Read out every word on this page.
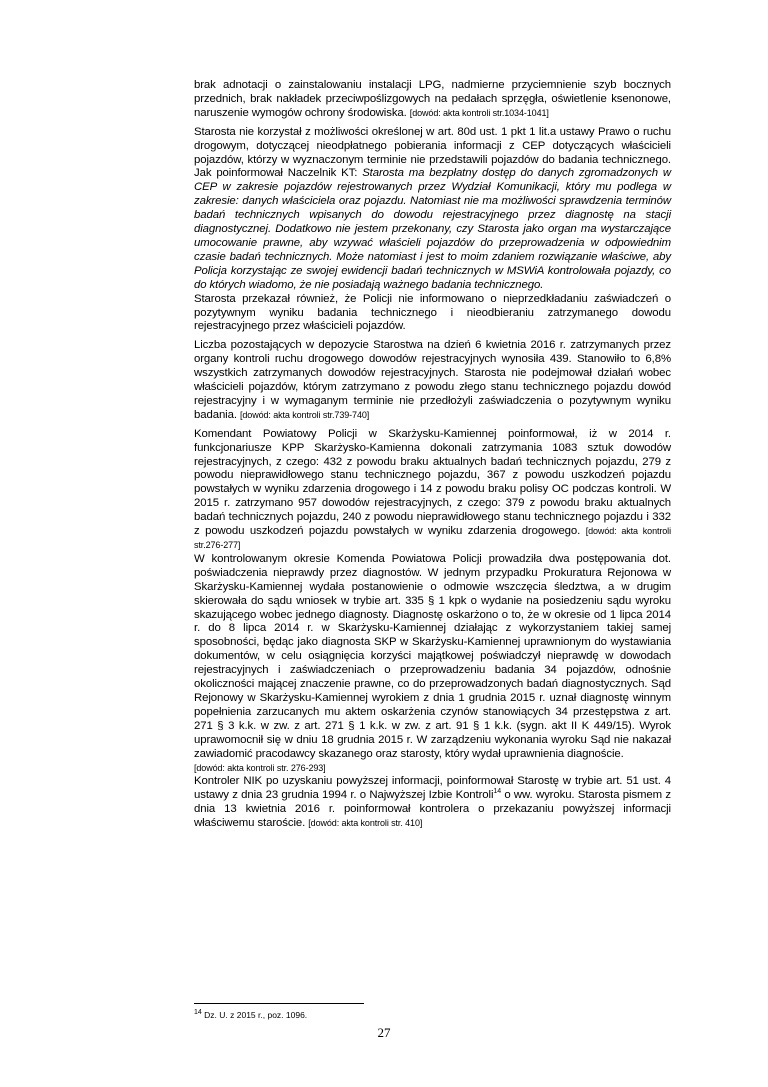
brak adnotacji o zainstalowaniu instalacji LPG, nadmierne przyciemnienie szyb bocznych przednich, brak nakładek przeciwpoślizgowych na pedałach sprzęgła, oświetlenie ksenonowe, naruszenie wymogów ochrony środowiska. [dowód: akta kontroli str.1034-1041]

Starosta nie korzystał z możliwości określonej w art. 80d ust. 1 pkt 1 lit.a ustawy Prawo o ruchu drogowym, dotyczącej nieodpłatnego pobierania informacji z CEP dotyczących właścicieli pojazdów, którzy w wyznaczonym terminie nie przedstawili pojazdów do badania technicznego. Jak poinformował Naczelnik KT: Starosta ma bezpłatny dostęp do danych zgromadzonych w CEP w zakresie pojazdów rejestrowanych przez Wydział Komunikacji, który mu podlega w zakresie: danych właściciela oraz pojazdu. Natomiast nie ma możliwości sprawdzenia terminów badań technicznych wpisanych do dowodu rejestracyjnego przez diagnostę na stacji diagnostycznej. Dodatkowo nie jestem przekonany, czy Starosta jako organ ma wystarczające umocowanie prawne, aby wzywać właścieli pojazdów do przeprowadzenia w odpowiednim czasie badań technicznych. Może natomiast i jest to moim zdaniem rozwiązanie właściwe, aby Policja korzystając ze swojej ewidencji badań technicznych w MSWiA kontrolowała pojazdy, co do których wiadomo, że nie posiadają ważnego badania technicznego.

Starosta przekazał również, że Policji nie informowano o nieprzedkładaniu zaświadczeń o pozytywnym wyniku badania technicznego i nieodbieraniu zatrzymanego dowodu rejestracyjnego przez właścicieli pojazdów.

Liczba pozostających w depozycie Starostwa na dzień 6 kwietnia 2016 r. zatrzymanych przez organy kontroli ruchu drogowego dowodów rejestracyjnych wynosiła 439. Stanowiło to 6,8% wszystkich zatrzymanych dowodów rejestracyjnych. Starosta nie podejmował działań wobec właścicieli pojazdów, którym zatrzymano z powodu złego stanu technicznego pojazdu dowód rejestracyjny i w wymaganym terminie nie przedłożyli zaświadczenia o pozytywnym wyniku badania. [dowód: akta kontroli str.739-740]

Komendant Powiatowy Policji w Skarżysku-Kamiennej poinformował, iż w 2014 r. funkcjonariusze KPP Skarżysko-Kamienna dokonali zatrzymania 1083 sztuk dowodów rejestracyjnych, z czego: 432 z powodu braku aktualnych badań technicznych pojazdu, 279 z powodu nieprawidłowego stanu technicznego pojazdu, 367 z powodu uszkodzeń pojazdu powstałych w wyniku zdarzenia drogowego i 14 z powodu braku polisy OC podczas kontroli. W 2015 r. zatrzymano 957 dowodów rejestracyjnych, z czego: 379 z powodu braku aktualnych badań technicznych pojazdu, 240 z powodu nieprawidłowego stanu technicznego pojazdu i 332 z powodu uszkodzeń pojazdu powstałych w wyniku zdarzenia drogowego. [dowód: akta kontroli str.276-277]

W kontrolowanym okresie Komenda Powiatowa Policji prowadziła dwa postępowania dot. poświadczenia nieprawdy przez diagnostów. W jednym przypadku Prokuratura Rejonowa w Skarżysku-Kamiennej wydała postanowienie o odmowie wszczęcia śledztwa, a w drugim skierowała do sądu wniosek w trybie art. 335 § 1 kpk o wydanie na posiedzeniu sądu wyroku skazującego wobec jednego diagnosty. Diagnostę oskarżono o to, że w okresie od 1 lipca 2014 r. do 8 lipca 2014 r. w Skarżysku-Kamiennej działając z wykorzystaniem takiej samej sposobności, będąc jako diagnosta SKP w Skarżysku-Kamiennej uprawnionym do wystawiania dokumentów, w celu osiągnięcia korzyści majątkowej poświadczył nieprawdę w dowodach rejestracyjnych i zaświadczeniach o przeprowadzeniu badania 34 pojazdów, odnośnie okoliczności mającej znaczenie prawne, co do przeprowadzonych badań diagnostycznych. Sąd Rejonowy w Skarżysku-Kamiennej wyrokiem z dnia 1 grudnia 2015 r. uznał diagnostę winnym popełnienia zarzucanych mu aktem oskarżenia czynów stanowiących 34 przestępstwa z art. 271 § 3 k.k. w zw. z art. 271 § 1 k.k. w zw. z art. 91 § 1 k.k. (sygn. akt II K 449/15). Wyrok uprawomocnił się w dniu 18 grudnia 2015 r. W zarządzeniu wykonania wyroku Sąd nie nakazał zawiadomić pracodawcy skazanego oraz starosty, który wydał uprawnienia diagnoście.
[dowód: akta kontroli str. 276-293]

Kontroler NIK po uzyskaniu powyższej informacji, poinformował Starostę w trybie art. 51 ust. 4 ustawy z dnia 23 grudnia 1994 r. o Najwyższej Izbie Kontroli$^{14}$ o ww. wyroku. Starosta pismem z dnia 13 kwietnia 2016 r. poinformował kontrolera o przekazaniu powyższej informacji właściwemu staroście. [dowód: akta kontroli str. 410]

$^{14}$ Dz. U. z 2015 r., poz. 1096.
27
